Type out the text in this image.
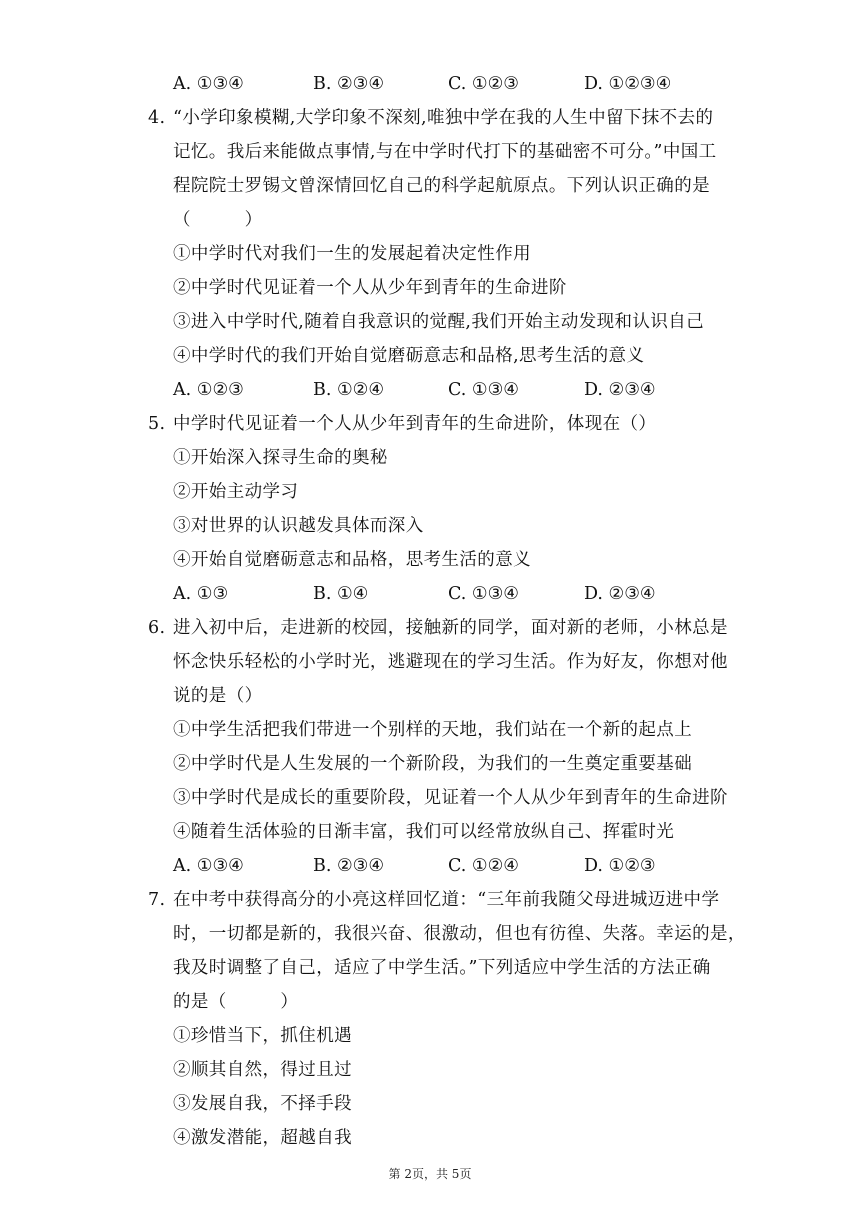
A. ①③④	B. ②③④	C. ①②③	D. ①②③④
4. “小学印象模糊,大学印象不深刻,唯独中学在我的人生中留下抹不去的
记忆。我后来能做点事情,与在中学时代打下的基础密不可分。”中国工
程院院士罗锡文曾深情回忆自己的科学起航原点。下列认识正确的是
（　　　）
①中学时代对我们一生的发展起着决定性作用
②中学时代见证着一个人从少年到青年的生命进阶
③进入中学时代,随着自我意识的觉醒,我们开始主动发现和认识自己
④中学时代的我们开始自觉磨砺意志和品格,思考生活的意义
A. ①②③	B. ①②④	C. ①③④	D. ②③④
5. 中学时代见证着一个人从少年到青年的生命进阶，体现在（）
①开始深入探寻生命的奥秘
②开始主动学习
③对世界的认识越发具体而深入
④开始自觉磨砺意志和品格，思考生活的意义
A. ①③	B. ①④	C. ①③④	D. ②③④
6. 进入初中后，走进新的校园，接触新的同学，面对新的老师，小林总是
怀念快乐轻松的小学时光，逃避现在的学习生活。作为好友，你想对他
说的是（）
①中学生活把我们带进一个别样的天地，我们站在一个新的起点上
②中学时代是人生发展的一个新阶段，为我们的一生奠定重要基础
③中学时代是成长的重要阶段，见证着一个人从少年到青年的生命进阶
④随着生活体验的日渐丰富，我们可以经常放纵自己、挥霍时光
A. ①③④	B. ②③④	C. ①②④	D. ①②③
7. 在中考中获得高分的小亮这样回忆道：“三年前我随父母进城迈进中学
时，一切都是新的，我很兴奋、很激动，但也有彷徨、失落。幸运的是，
我及时调整了自己，适应了中学生活。”下列适应中学生活的方法正确
的是（　　　）
①珍惜当下，抓住机遇
②顺其自然，得过且过
③发展自我，不择手段
④激发潜能，超越自我
第 2页，共 5页
